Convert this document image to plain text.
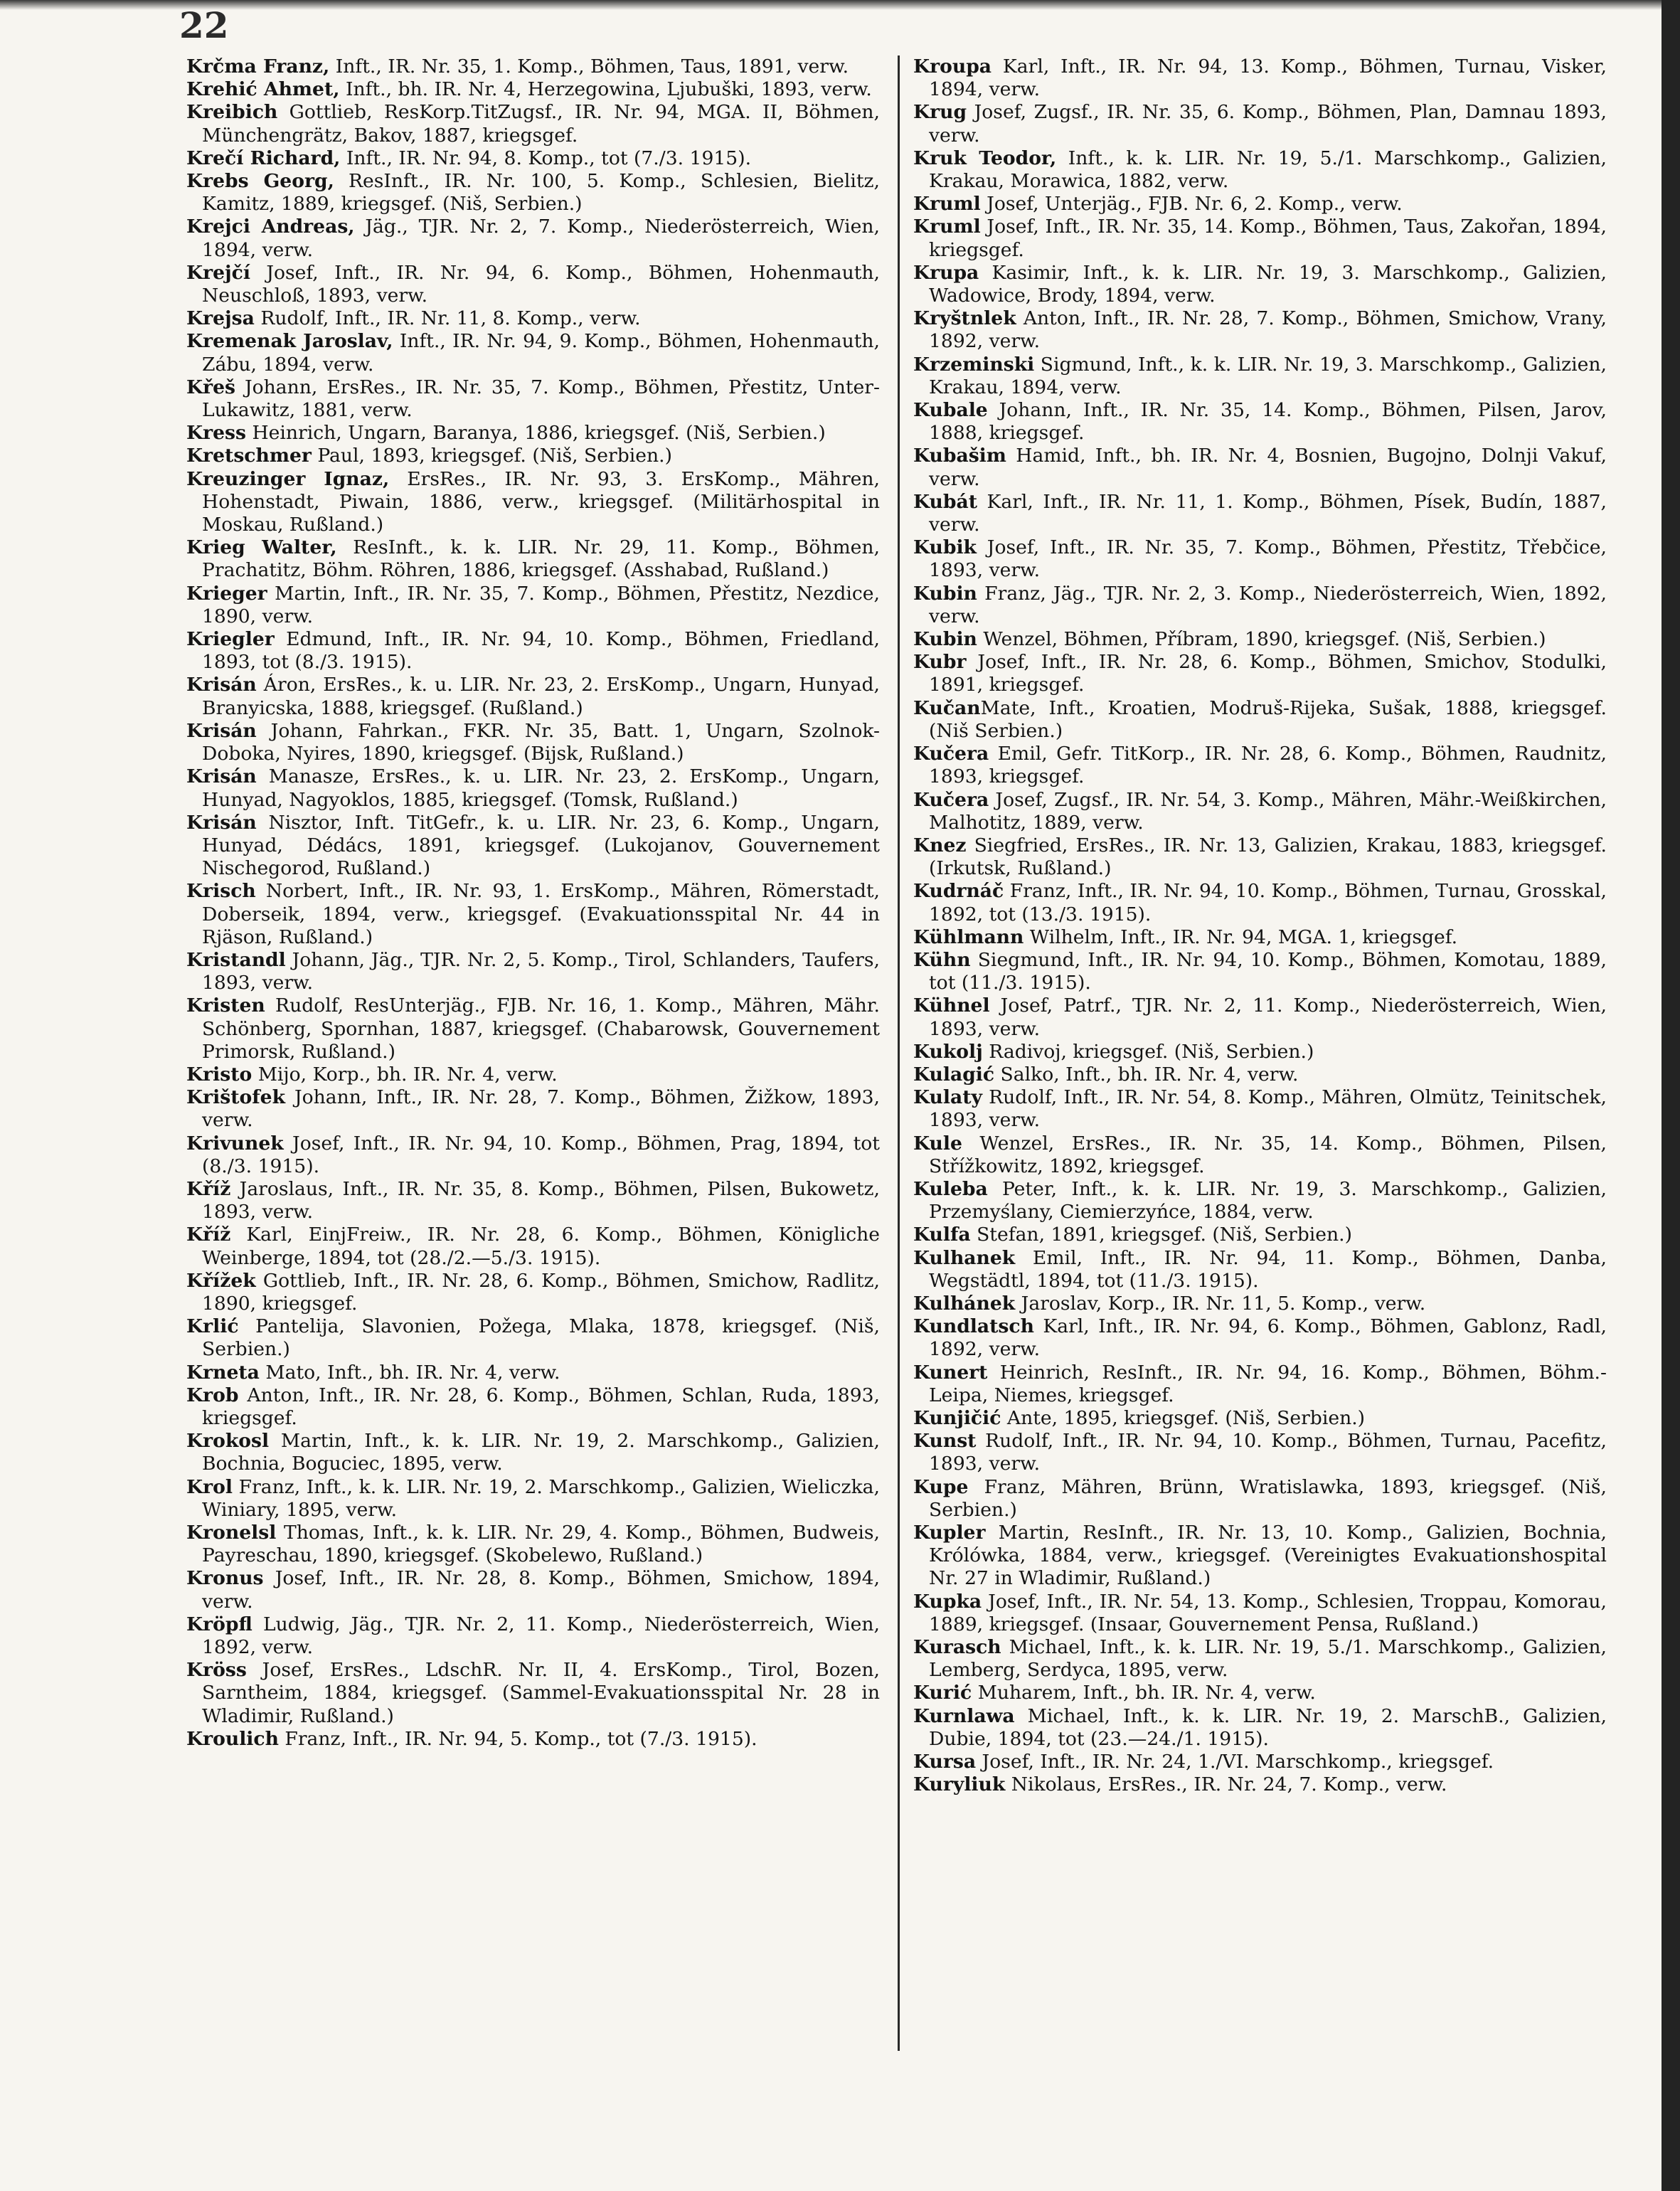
22

Krčma Franz, Inft., IR. Nr. 35, 1. Komp., Böhmen, Taus, 1891, verw.

Krehić Ahmet, Inft., bh. IR. Nr. 4, Herzegowina, Ljubuški, 1893, verw.

Kreibich Gottlieb, ResKorp.TitZugsf., IR. Nr. 94, MGA. II, Böhmen, Münchengrätz, Bakov, 1887, kriegsgef.

Krečí Richard, Inft., IR. Nr. 94, 8. Komp., tot (7./3. 1915).

Krebs Georg, ResInft., IR. Nr. 100, 5. Komp., Schlesien, Bielitz, Kamitz, 1889, kriegsgef. (Niš, Serbien.)

Krejci Andreas, Jäg., TJR. Nr. 2, 7. Komp., Niederösterreich, Wien, 1894, verw.

Krejčí Josef, Inft., IR. Nr. 94, 6. Komp., Böhmen, Hohenmauth, Neuschloß, 1893, verw.

Krejsa Rudolf, Inft., IR. Nr. 11, 8. Komp., verw.

Kremenak Jaroslav, Inft., IR. Nr. 94, 9. Komp., Böhmen, Hohenmauth, Zábu, 1894, verw.

Křeš Johann, ErsRes., IR. Nr. 35, 7. Komp., Böhmen, Přestitz, Unter-Lukawitz, 1881, verw.

Kress Heinrich, Ungarn, Baranya, 1886, kriegsgef. (Niš, Serbien.)

Kretschmer Paul, 1893, kriegsgef. (Niš, Serbien.)

Kreuzinger Ignaz, ErsRes., IR. Nr. 93, 3. ErsKomp., Mähren, Hohenstadt, Piwain, 1886, verw., kriegsgef. (Militärhospital in Moskau, Rußland.)

Krieg Walter, ResInft., k. k. LIR. Nr. 29, 11. Komp., Böhmen, Prachatitz, Böhm. Röhren, 1886, kriegsgef. (Asshabad, Rußland.)

Krieger Martin, Inft., IR. Nr. 35, 7. Komp., Böhmen, Přestitz, Nezdice, 1890, verw.

Kriegler Edmund, Inft., IR. Nr. 94, 10. Komp., Böhmen, Friedland, 1893, tot (8./3. 1915).

Krisán Áron, ErsRes., k. u. LIR. Nr. 23, 2. ErsKomp., Ungarn, Hunyad, Branyicska, 1888, kriegsgef. (Rußland.)

Krisán Johann, Fahrkan., FKR. Nr. 35, Batt. 1, Ungarn, Szolnok-Doboka, Nyires, 1890, kriegsgef. (Bijsk, Rußland.)

Krisán Manasze, ErsRes., k. u. LIR. Nr. 23, 2. ErsKomp., Ungarn, Hunyad, Nagyoklos, 1885, kriegsgef. (Tomsk, Rußland.)

Krisán Nisztor, Inft. TitGefr., k. u. LIR. Nr. 23, 6. Komp., Ungarn, Hunyad, Dédács, 1891, kriegsgef. (Lukojanov, Gouvernement Nischegorod, Rußland.)

Krisch Norbert, Inft., IR. Nr. 93, 1. ErsKomp., Mähren, Römerstadt, Doberseik, 1894, verw., kriegsgef. (Evakuationsspital Nr. 44 in Rjäson, Rußland.)

Kristandl Johann, Jäg., TJR. Nr. 2, 5. Komp., Tirol, Schlanders, Taufers, 1893, verw.

Kristen Rudolf, ResUnterjäg., FJB. Nr. 16, 1. Komp., Mähren, Mähr. Schönberg, Spornhan, 1887, kriegsgef. (Chabarowsk, Gouvernement Primorsk, Rußland.)

Kristo Mijo, Korp., bh. IR. Nr. 4, verw.

Krištofek Johann, Inft., IR. Nr. 28, 7. Komp., Böhmen, Žižkow, 1893, verw.

Krivunek Josef, Inft., IR. Nr. 94, 10. Komp., Böhmen, Prag, 1894, tot (8./3. 1915).

Kříž Jaroslaus, Inft., IR. Nr. 35, 8. Komp., Böhmen, Pilsen, Bukowetz, 1893, verw.

Kříž Karl, EinjFreiw., IR. Nr. 28, 6. Komp., Böhmen, Königliche Weinberge, 1894, tot (28./2.—5./3. 1915).

Křížek Gottlieb, Inft., IR. Nr. 28, 6. Komp., Böhmen, Smichow, Radlitz, 1890, kriegsgef.

Krlić Pantelija, Slavonien, Požega, Mlaka, 1878, kriegsgef. (Niš, Serbien.)

Krneta Mato, Inft., bh. IR. Nr. 4, verw.

Krob Anton, Inft., IR. Nr. 28, 6. Komp., Böhmen, Schlan, Ruda, 1893, kriegsgef.

Krokosl Martin, Inft., k. k. LIR. Nr. 19, 2. Marschkomp., Galizien, Bochnia, Boguciec, 1895, verw.

Krol Franz, Inft., k. k. LIR. Nr. 19, 2. Marschkomp., Galizien, Wieliczka, Winiary, 1895, verw.

Kronelsl Thomas, Inft., k. k. LIR. Nr. 29, 4. Komp., Böhmen, Budweis, Payreschau, 1890, kriegsgef. (Skobelewo, Rußland.)

Kronus Josef, Inft., IR. Nr. 28, 8. Komp., Böhmen, Smichow, 1894, verw.

Kröpfl Ludwig, Jäg., TJR. Nr. 2, 11. Komp., Niederösterreich, Wien, 1892, verw.

Kröss Josef, ErsRes., LdschR. Nr. II, 4. ErsKomp., Tirol, Bozen, Sarntheim, 1884, kriegsgef. (Sammel-Evakuationsspital Nr. 28 in Wladimir, Rußland.)

Kroulich Franz, Inft., IR. Nr. 94, 5. Komp., tot (7./3. 1915).

Kroupa Karl, Inft., IR. Nr. 94, 13. Komp., Böhmen, Turnau, Visker, 1894, verw.

Krug Josef, Zugsf., IR. Nr. 35, 6. Komp., Böhmen, Plan, Damnau 1893, verw.

Kruk Teodor, Inft., k. k. LIR. Nr. 19, 5./1. Marschkomp., Galizien, Krakau, Morawica, 1882, verw.

Kruml Josef, Unterjäg., FJB. Nr. 6, 2. Komp., verw.

Kruml Josef, Inft., IR. Nr. 35, 14. Komp., Böhmen, Taus, Zakořan, 1894, kriegsgef.

Krupa Kasimir, Inft., k. k. LIR. Nr. 19, 3. Marschkomp., Galizien, Wadowice, Brody, 1894, verw.

Kryštnlek Anton, Inft., IR. Nr. 28, 7. Komp., Böhmen, Smichow, Vrany, 1892, verw.

Krzeminski Sigmund, Inft., k. k. LIR. Nr. 19, 3. Marschkomp., Galizien, Krakau, 1894, verw.

Kubale Johann, Inft., IR. Nr. 35, 14. Komp., Böhmen, Pilsen, Jarov, 1888, kriegsgef.

Kubašim Hamid, Inft., bh. IR. Nr. 4, Bosnien, Bugojno, Dolnji Vakuf, verw.

Kubát Karl, Inft., IR. Nr. 11, 1. Komp., Böhmen, Písek, Budín, 1887, verw.

Kubik Josef, Inft., IR. Nr. 35, 7. Komp., Böhmen, Přestitz, Třebčice, 1893, verw.

Kubin Franz, Jäg., TJR. Nr. 2, 3. Komp., Niederösterreich, Wien, 1892, verw.

Kubin Wenzel, Böhmen, Příbram, 1890, kriegsgef. (Niš, Serbien.)

Kubr Josef, Inft., IR. Nr. 28, 6. Komp., Böhmen, Smichov, Stodulki, 1891, kriegsgef.

KučanMate, Inft., Kroatien, Modruš-Rijeka, Sušak, 1888, kriegsgef. (Niš Serbien.)

Kučera Emil, Gefr. TitKorp., IR. Nr. 28, 6. Komp., Böhmen, Raudnitz, 1893, kriegsgef.

Kučera Josef, Zugsf., IR. Nr. 54, 3. Komp., Mähren, Mähr.-Weißkirchen, Malhotitz, 1889, verw.

Knez Siegfried, ErsRes., IR. Nr. 13, Galizien, Krakau, 1883, kriegsgef. (Irkutsk, Rußland.)

Kudrnáč Franz, Inft., IR. Nr. 94, 10. Komp., Böhmen, Turnau, Grosskal, 1892, tot (13./3. 1915).

Kühlmann Wilhelm, Inft., IR. Nr. 94, MGA. 1, kriegsgef.

Kühn Siegmund, Inft., IR. Nr. 94, 10. Komp., Böhmen, Komotau, 1889, tot (11./3. 1915).

Kühnel Josef, Patrf., TJR. Nr. 2, 11. Komp., Niederösterreich, Wien, 1893, verw.

Kukolj Radivoj, kriegsgef. (Niš, Serbien.)

Kulagić Salko, Inft., bh. IR. Nr. 4, verw.

Kulaty Rudolf, Inft., IR. Nr. 54, 8. Komp., Mähren, Olmütz, Teinitschek, 1893, verw.

Kule Wenzel, ErsRes., IR. Nr. 35, 14. Komp., Böhmen, Pilsen, Střížkowitz, 1892, kriegsgef.

Kuleba Peter, Inft., k. k. LIR. Nr. 19, 3. Marschkomp., Galizien, Przemyślany, Ciemierzyńce, 1884, verw.

Kulfa Stefan, 1891, kriegsgef. (Niš, Serbien.)

Kulhanek Emil, Inft., IR. Nr. 94, 11. Komp., Böhmen, Danba, Wegstädtl, 1894, tot (11./3. 1915).

Kulhánek Jaroslav, Korp., IR. Nr. 11, 5. Komp., verw.

Kundlatsch Karl, Inft., IR. Nr. 94, 6. Komp., Böhmen, Gablonz, Radl, 1892, verw.

Kunert Heinrich, ResInft., IR. Nr. 94, 16. Komp., Böhmen, Böhm.-Leipa, Niemes, kriegsgef.

Kunjičić Ante, 1895, kriegsgef. (Niš, Serbien.)

Kunst Rudolf, Inft., IR. Nr. 94, 10. Komp., Böhmen, Turnau, Pacefitz, 1893, verw.

Kupe Franz, Mähren, Brünn, Wratislawka, 1893, kriegsgef. (Niš, Serbien.)

Kupler Martin, ResInft., IR. Nr. 13, 10. Komp., Galizien, Bochnia, Królówka, 1884, verw., kriegsgef. (Vereinigtes Evakuationshospital Nr. 27 in Wladimir, Rußland.)

Kupka Josef, Inft., IR. Nr. 54, 13. Komp., Schlesien, Troppau, Komorau, 1889, kriegsgef. (Insaar, Gouvernement Pensa, Rußland.)

Kurasch Michael, Inft., k. k. LIR. Nr. 19, 5./1. Marschkomp., Galizien, Lemberg, Serdyca, 1895, verw.

Kurić Muharem, Inft., bh. IR. Nr. 4, verw.

Kurnlawa Michael, Inft., k. k. LIR. Nr. 19, 2. MarschB., Galizien, Dubie, 1894, tot (23.—24./1. 1915).

Kursa Josef, Inft., IR. Nr. 24, 1./VI. Marschkomp., kriegsgef.

Kuryliuk Nikolaus, ErsRes., IR. Nr. 24, 7. Komp., verw.
